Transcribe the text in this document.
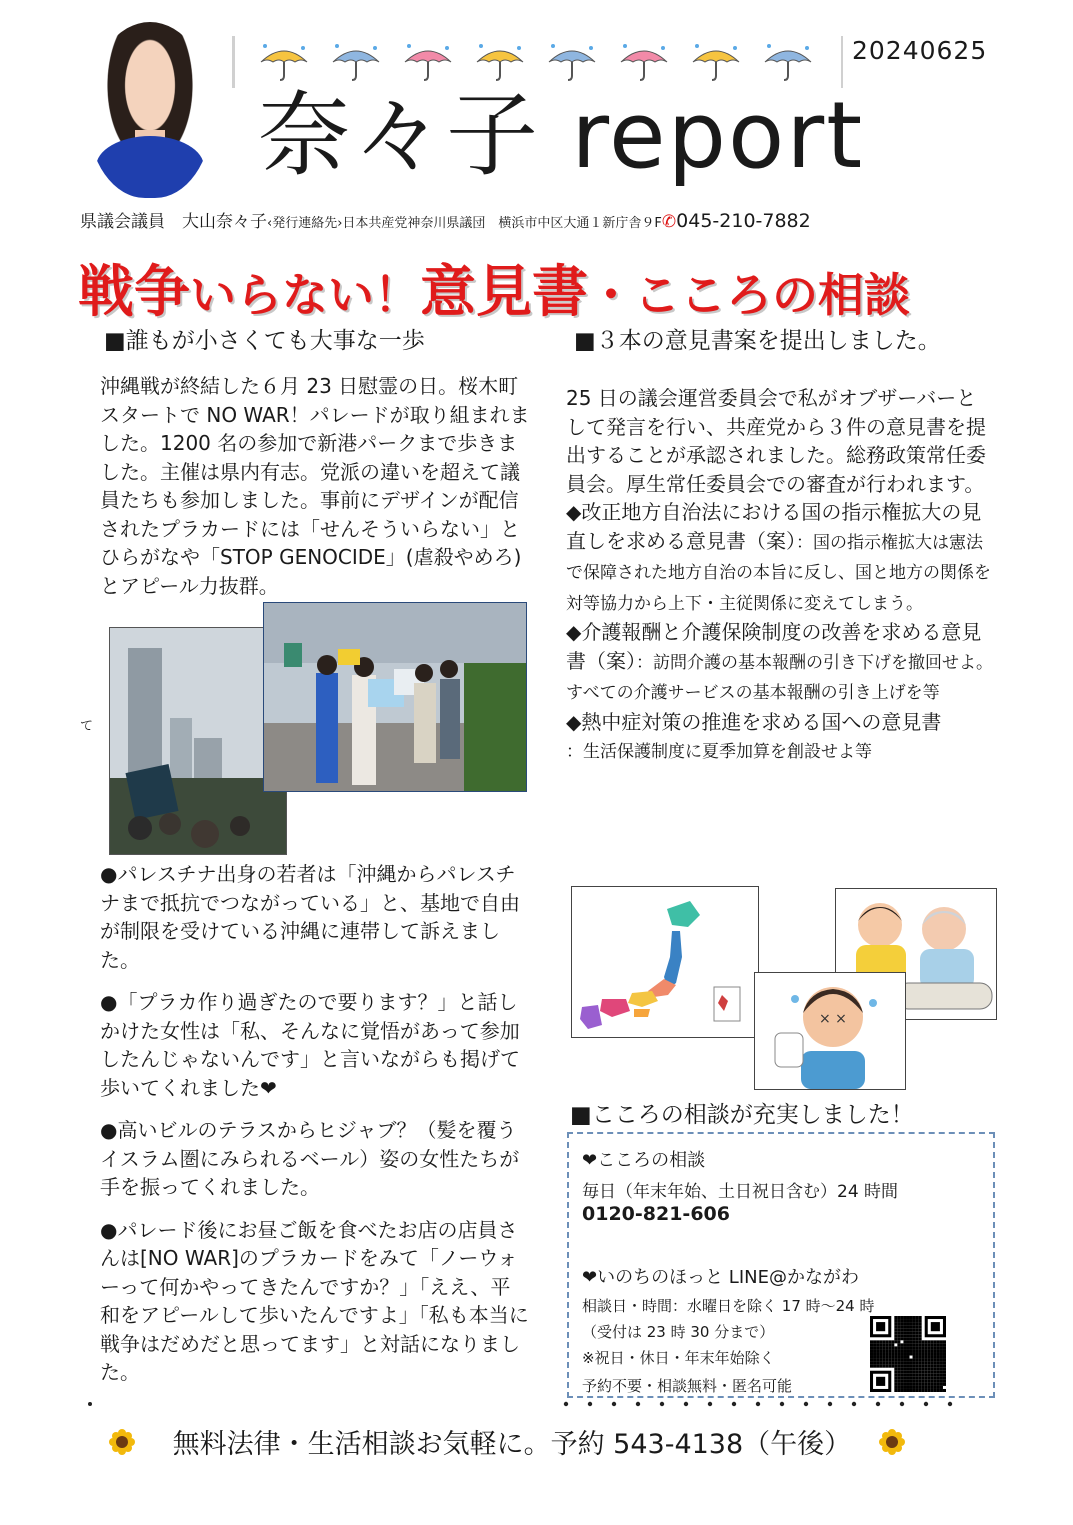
20240625
奈々子 report
県議会議員　大山奈々子‹発行連絡先›日本共産党神奈川県議団　横浜市中区大通１新庁舎９F✆045-210-7882
戦争いらない！意見書・こころの相談
■誰もが小さくても大事な一歩

沖縄戦が終結した６月 23 日慰霊の日。桜木町スタートで NO WAR！パレードが取り組まれました。1200 名の参加で新港パークまで歩きました。主催は県内有志。党派の違いを超えて議員たちも参加しました。事前にデザインが配信されたプラカードには「せんそういらない」とひらがなや「STOP GENOCIDE」(虐殺やめろ)とアピール力抜群。

て

●パレスチナ出身の若者は「沖縄からパレスチナまで抵抗でつながっている」と、基地で自由が制限を受けている沖縄に連帯して訴えました。

●「プラカ作り過ぎたので要ります？」と話しかけた女性は「私、そんなに覚悟があって参加したんじゃないんです」と言いながらも掲げて歩いてくれました❤

●高いビルのテラスからヒジャブ？（髪を覆うイスラム圏にみられるベール）姿の女性たちが手を振ってくれました。

●パレード後にお昼ご飯を食べたお店の店員さんは[NO WAR]のプラカードをみて「ノーウォーって何かやってきたんですか？」「ええ、平和をアピールして歩いたんですよ」「私も本当に戦争はだめだと思ってます」と対話になりました。

■３本の意見書案を提出しました。

25 日の議会運営委員会で私がオブザーバーとして発言を行い、共産党から３件の意見書を提出することが承認されました。総務政策常任委員会。厚生常任委員会での審査が行われます。

◆改正地方自治法における国の指示権拡大の見直しを求める意見書（案）：国の指示権拡大は憲法で保障された地方自治の本旨に反し、国と地方の関係を対等協力から上下・主従関係に変えてしまう。

◆介護報酬と介護保険制度の改善を求める意見書（案）：訪問介護の基本報酬の引き下げを撤回せよ。すべての介護サービスの基本報酬の引き上げを等

◆熱中症対策の推進を求める国への意見書
：生活保護制度に夏季加算を創設せよ等

× ×
■こころの相談が充実しました！
❤こころの相談
毎日（年末年始、土日祝日含む）24 時間
0120-821-606
❤いのちのほっと LINE@かながわ
相談日・時間：水曜日を除く 17 時～24 時
（受付は 23 時 30 分まで）
※祝日・休日・年末年始除く
予約不要・相談無料・匿名可能
無料法律・生活相談お気軽に。予約 543-4138（午後）
